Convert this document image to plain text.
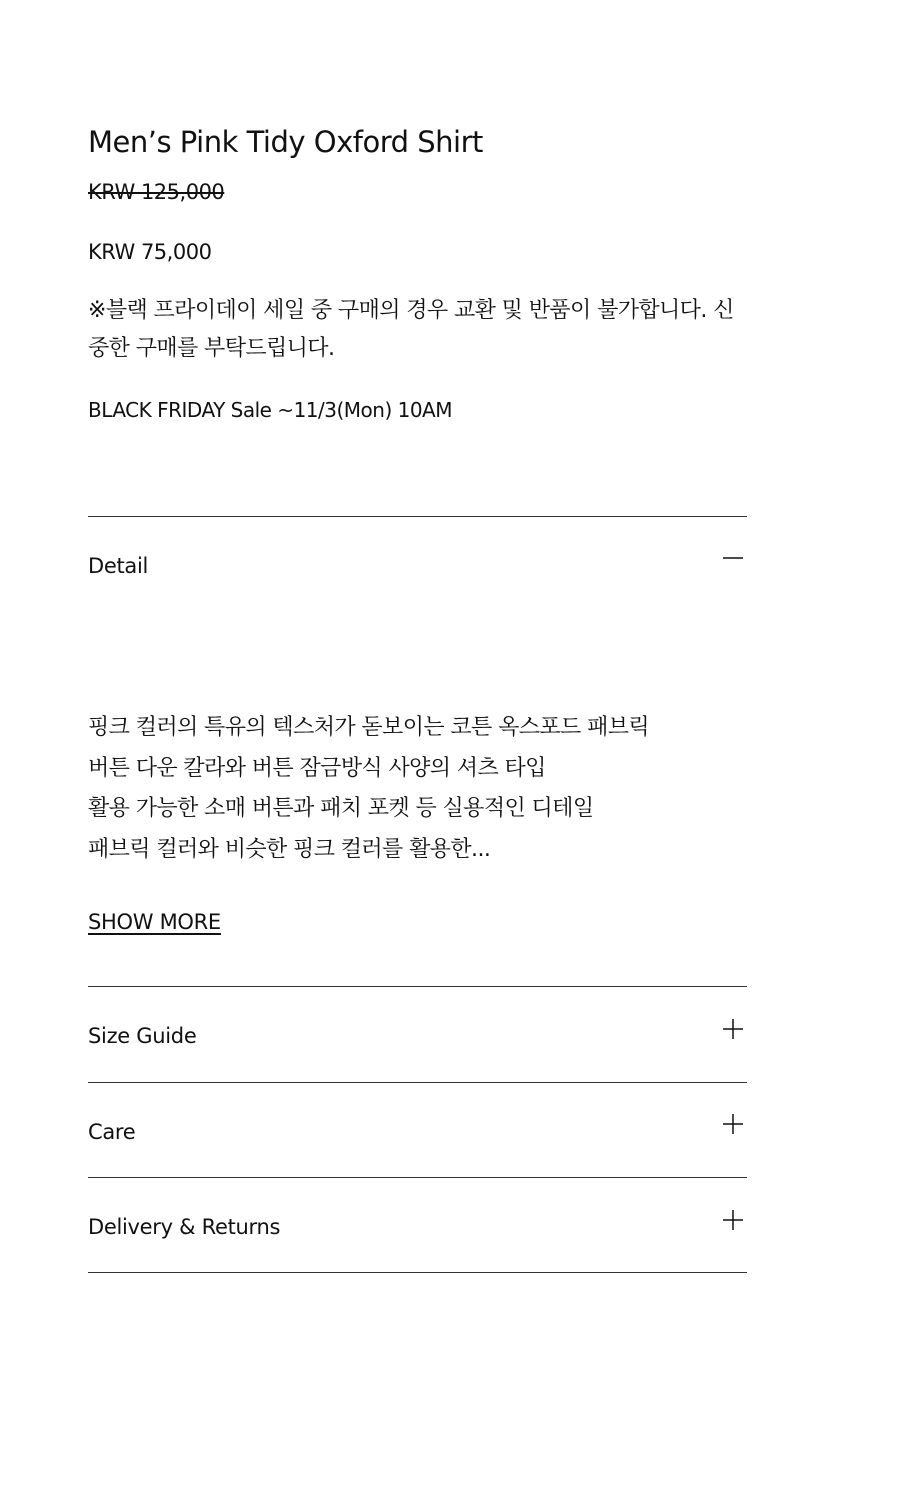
Men’s Pink Tidy Oxford Shirt
KRW 125,000
KRW 75,000

※블랙 프라이데이 세일 중 구매의 경우 교환 및 반품이 불가합니다. 신중한 구매를 부탁드립니다.

BLACK FRIDAY Sale ~11/3(Mon) 10AM
Detail
핑크 컬러의 특유의 텍스처가 돋보이는 코튼 옥스포드 패브릭
버튼 다운 칼라와 버튼 잠금방식 사양의 셔츠 타입
활용 가능한 소매 버튼과 패치 포켓 등 실용적인 디테일
패브릭 컬러와 비슷한 핑크 컬러를 활용한...
SHOW MORE
Size Guide
Care
Delivery & Returns
